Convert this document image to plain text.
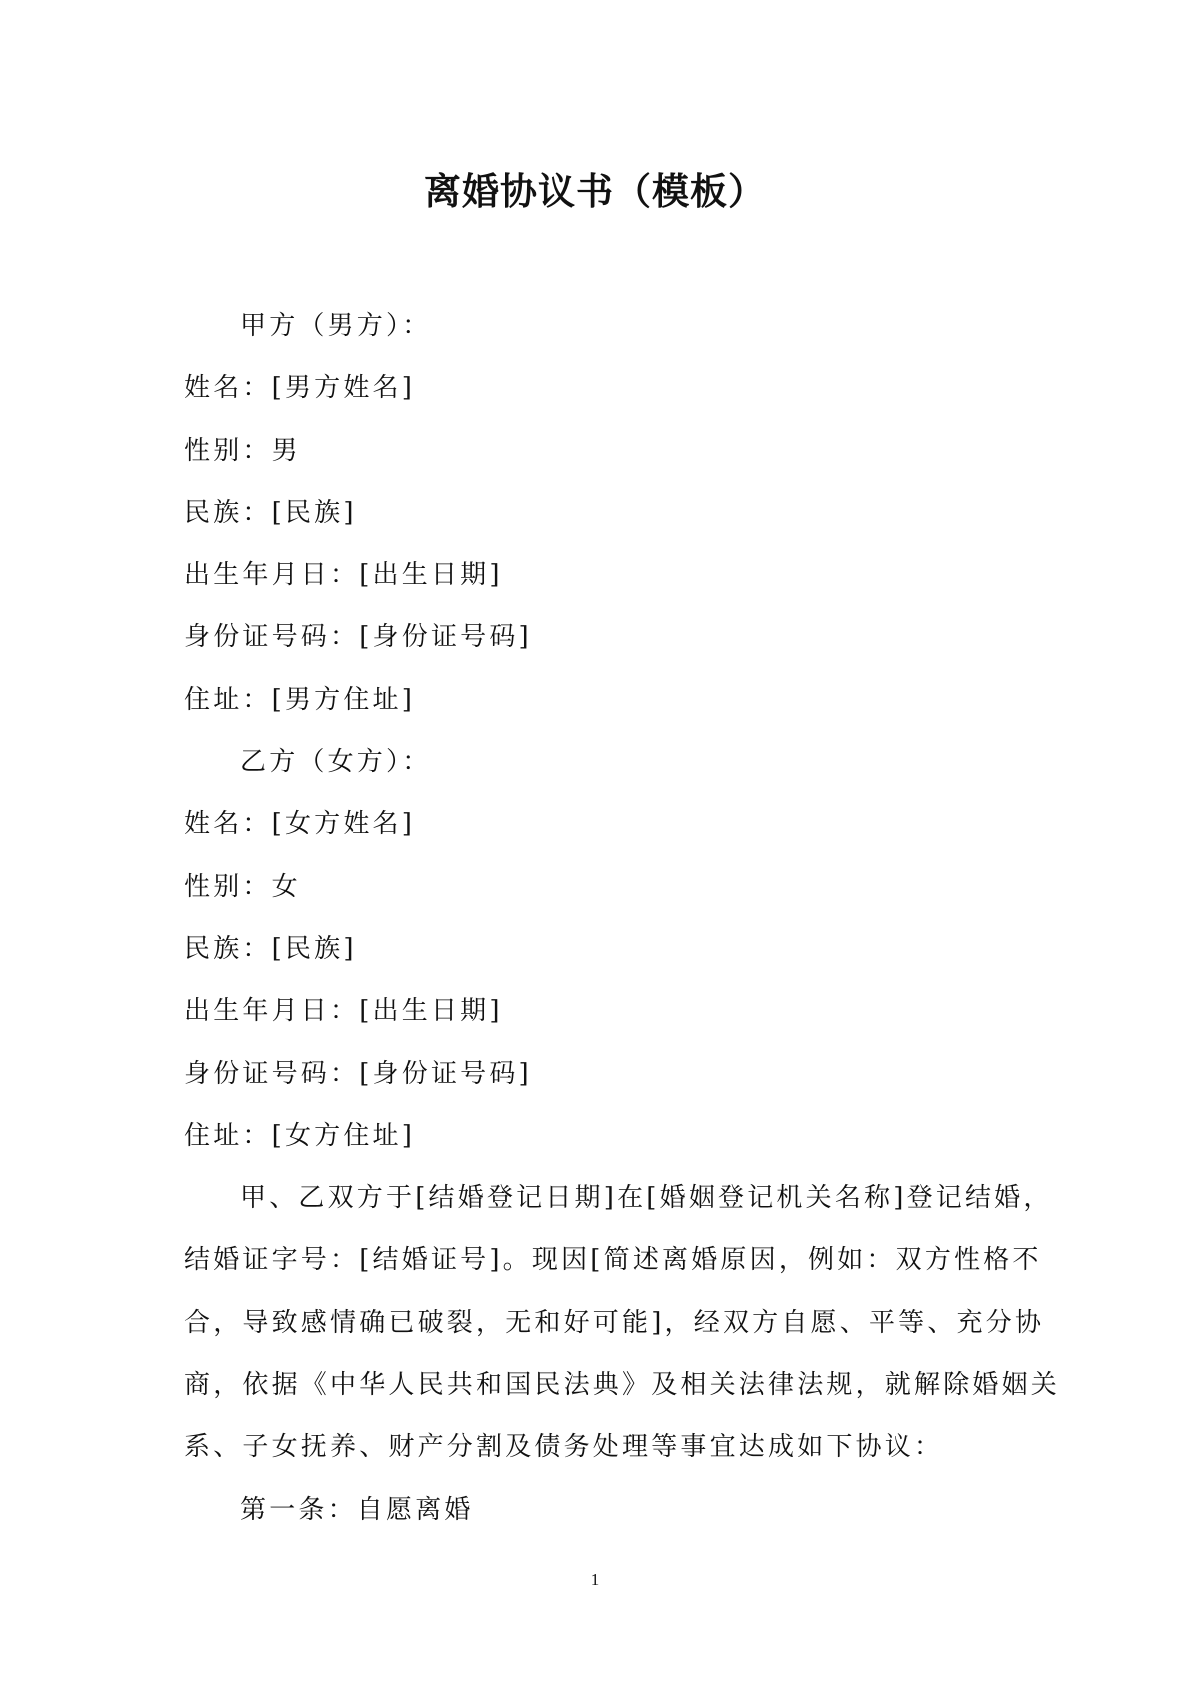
离婚协议书（模板）
甲方（男方）：
姓名：[男方姓名]
性别：男
民族：[民族]
出生年月日：[出生日期]
身份证号码：[身份证号码]
住址：[男方住址]
乙方（女方）：
姓名：[女方姓名]
性别：女
民族：[民族]
出生年月日：[出生日期]
身份证号码：[身份证号码]
住址：[女方住址]
甲、乙双方于[结婚登记日期]在[婚姻登记机关名称]登记结婚，
结婚证字号：[结婚证号]。现因[简述离婚原因，例如：双方性格不
合，导致感情确已破裂，无和好可能]，经双方自愿、平等、充分协
商，依据《中华人民共和国民法典》及相关法律法规，就解除婚姻关
系、子女抚养、财产分割及债务处理等事宜达成如下协议：
第一条：自愿离婚
1
